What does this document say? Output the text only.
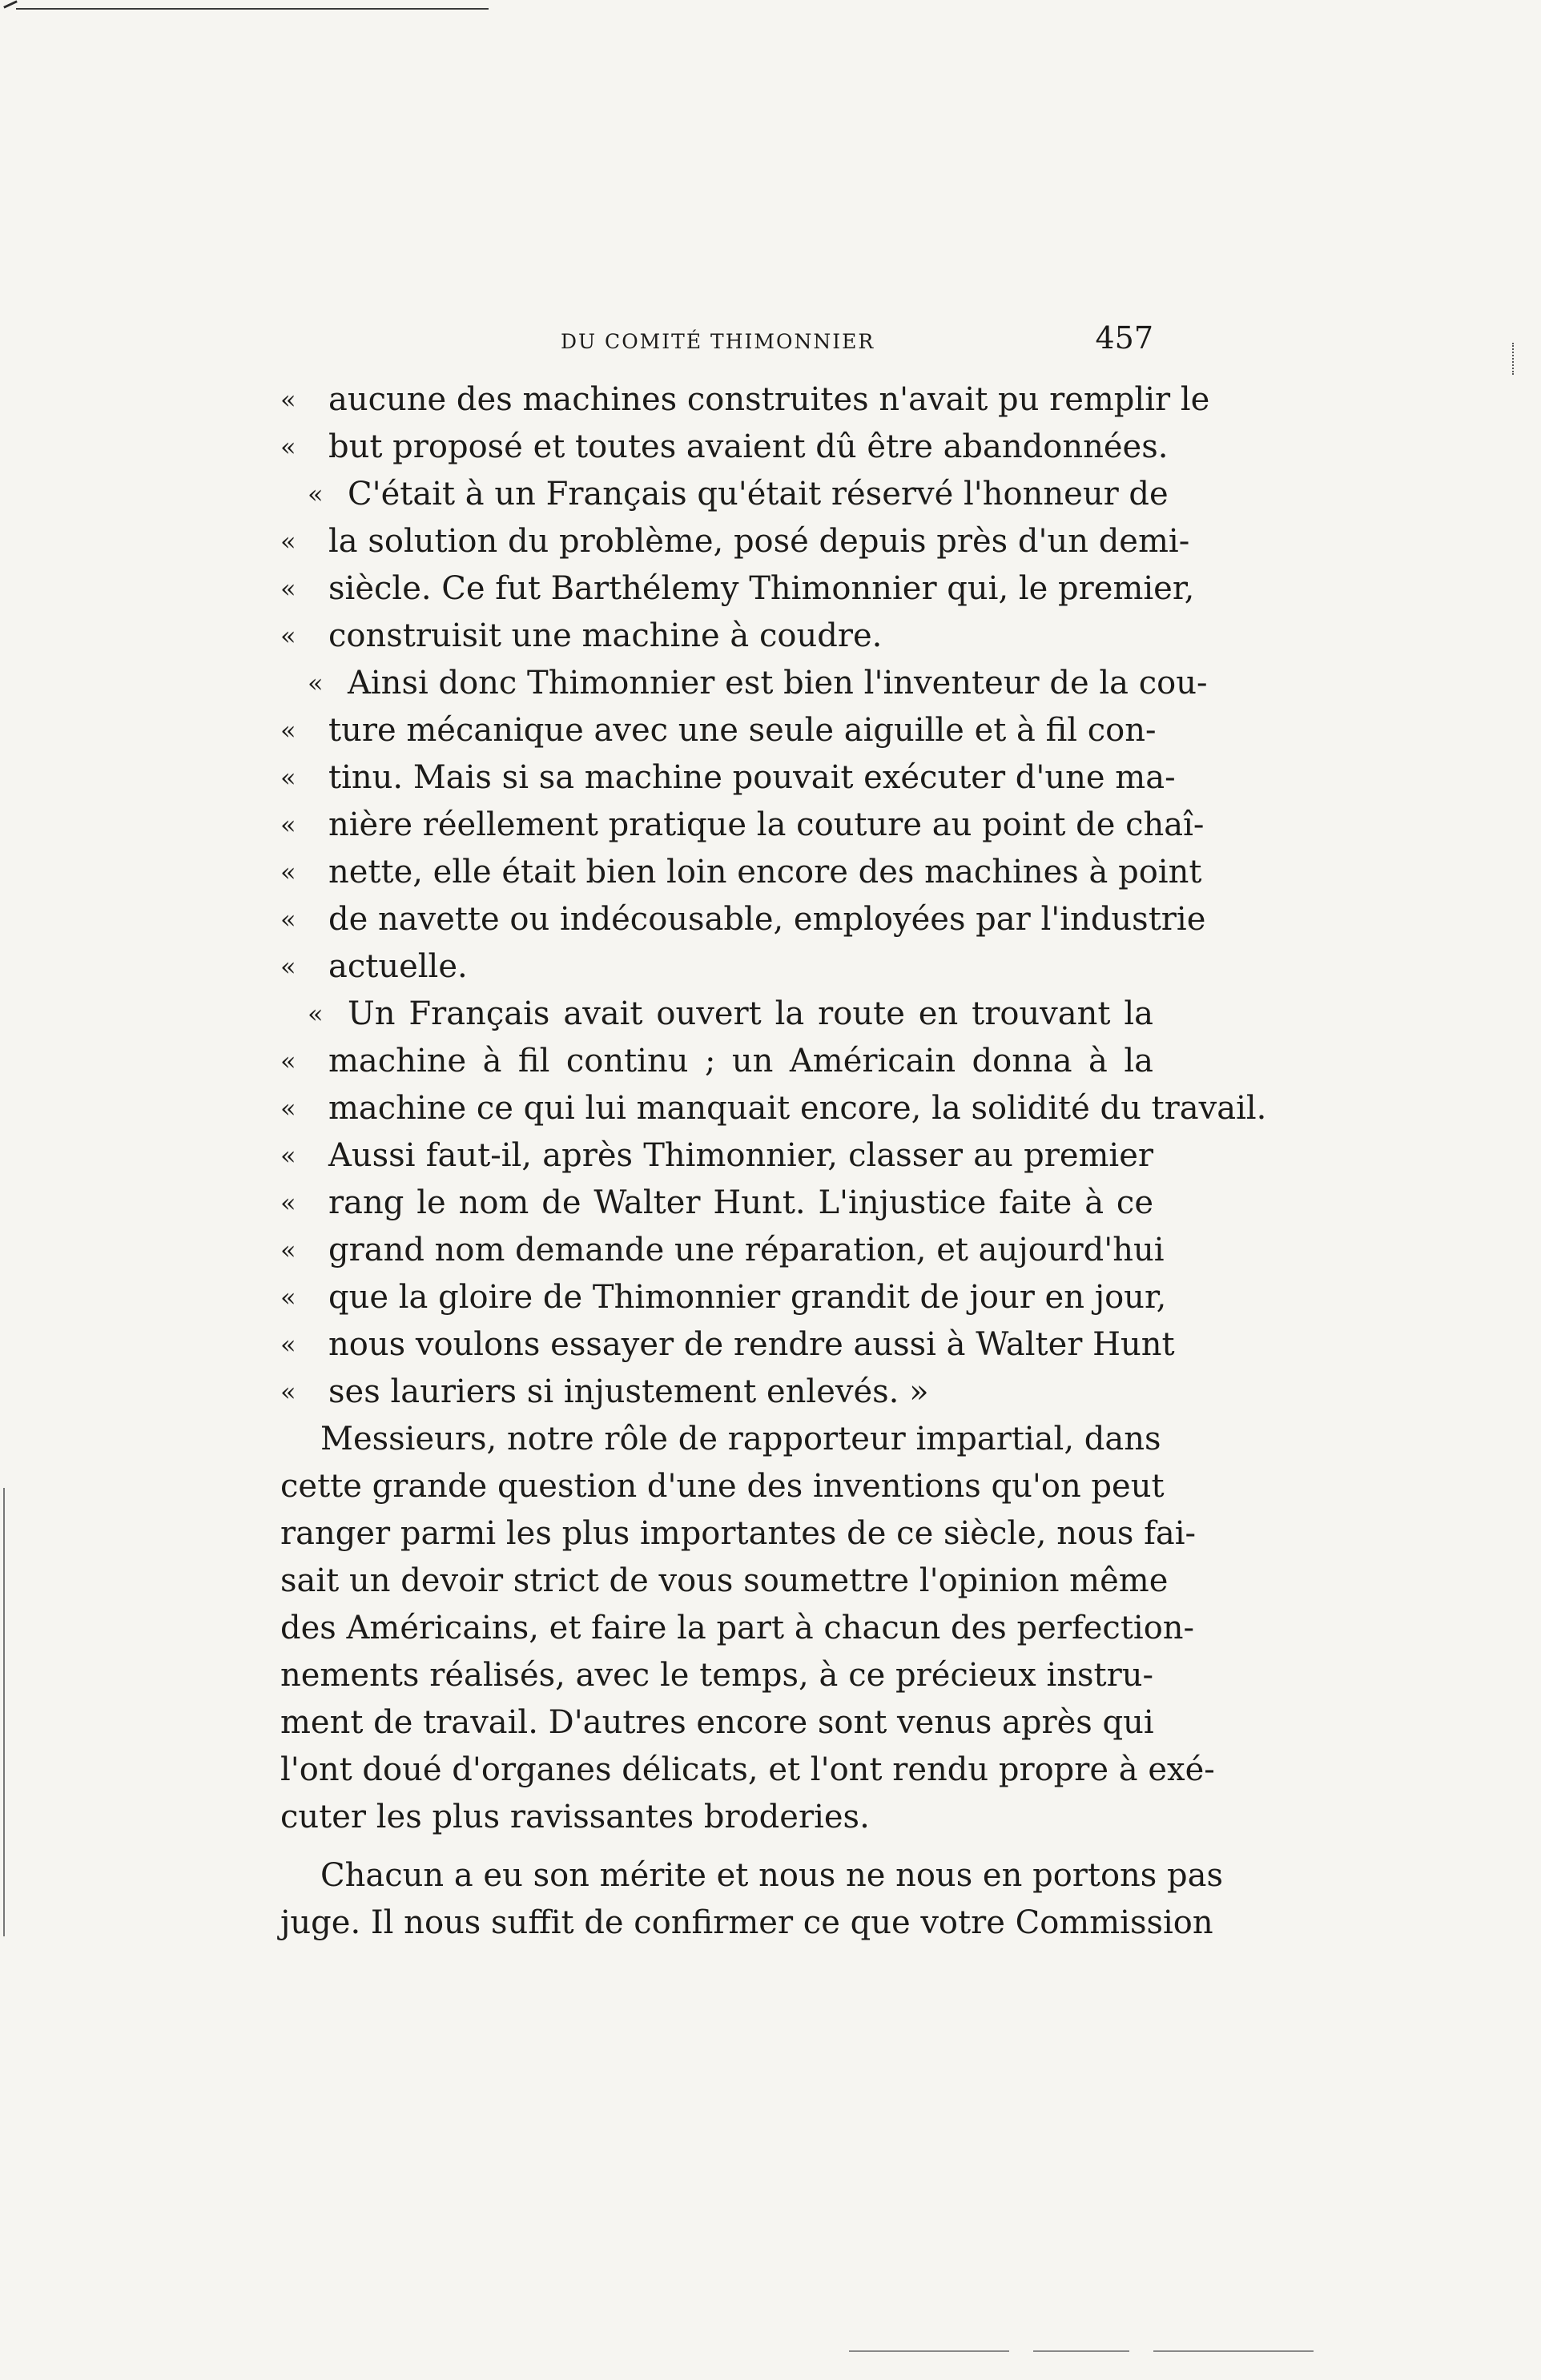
DU COMITÉ THIMONNIER	457
« aucune des machines construites n'avait pu remplir le
« but proposé et toutes avaient dû être abandonnées.
« C'était à un Français qu'était réservé l'honneur de
« la solution du problème, posé depuis près d'un demi-
« siècle. Ce fut Barthélemy Thimonnier qui, le premier,
« construisit une machine à coudre.
« Ainsi donc Thimonnier est bien l'inventeur de la cou-
« ture mécanique avec une seule aiguille et à fil con-
« tinu. Mais si sa machine pouvait exécuter d'une ma-
« nière réellement pratique la couture au point de chaî-
« nette, elle était bien loin encore des machines à point
« de navette ou indécousable, employées par l'industrie
« actuelle.
« Un Français avait ouvert la route en trouvant la
« machine à fil continu ; un Américain donna à la
« machine ce qui lui manquait encore, la solidité du travail.
« Aussi faut-il, après Thimonnier, classer au premier
« rang le nom de Walter Hunt. L'injustice faite à ce
« grand nom demande une réparation, et aujourd'hui
« que la gloire de Thimonnier grandit de jour en jour,
« nous voulons essayer de rendre aussi à Walter Hunt
« ses lauriers si injustement enlevés. »
Messieurs, notre rôle de rapporteur impartial, dans
cette grande question d'une des inventions qu'on peut
ranger parmi les plus importantes de ce siècle, nous fai-
sait un devoir strict de vous soumettre l'opinion même
des Américains, et faire la part à chacun des perfection-
nements réalisés, avec le temps, à ce précieux instru-
ment de travail. D'autres encore sont venus après qui
l'ont doué d'organes délicats, et l'ont rendu propre à exé-
cuter les plus ravissantes broderies.
Chacun a eu son mérite et nous ne nous en portons pas
juge. Il nous suffit de confirmer ce que votre Commission
